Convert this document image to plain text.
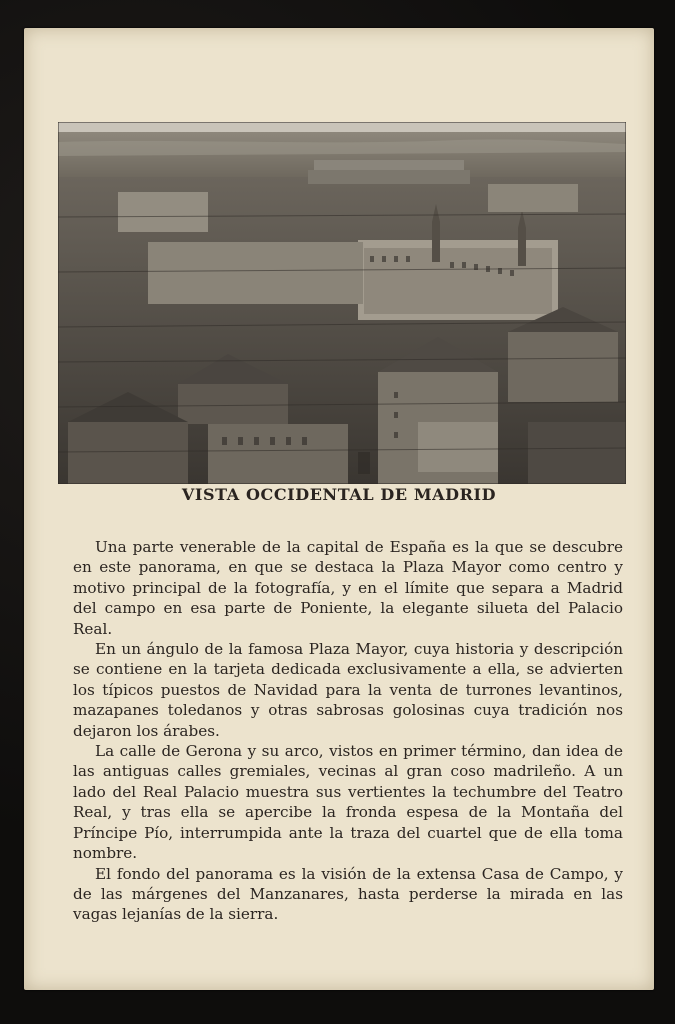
VISTA OCCIDENTAL DE MADRID

Una parte venerable de la capital de España es la que se descubre en este panorama, en que se destaca la Plaza Mayor como centro y motivo principal de la fotografía, y en el límite que separa a Madrid del campo en esa parte de Poniente, la elegante silueta del Palacio Real.

En un ángulo de la famosa Plaza Mayor, cuya historia y descripción se contiene en la tarjeta dedicada exclusivamente a ella, se advierten los típicos puestos de Navidad para la venta de turrones levantinos, mazapanes toledanos y otras sabrosas golosinas cuya tradición nos dejaron los árabes.

La calle de Gerona y su arco, vistos en primer término, dan idea de las antiguas calles gremiales, vecinas al gran coso madrileño. A un lado del Real Palacio muestra sus vertientes la techumbre del Teatro Real, y tras ella se apercibe la fronda espesa de la Montaña del Príncipe Pío, interrumpida ante la traza del cuartel que de ella toma nombre.

El fondo del panorama es la visión de la extensa Casa de Campo, y de las márgenes del Manzanares, hasta perderse la mirada en las vagas lejanías de la sierra.
